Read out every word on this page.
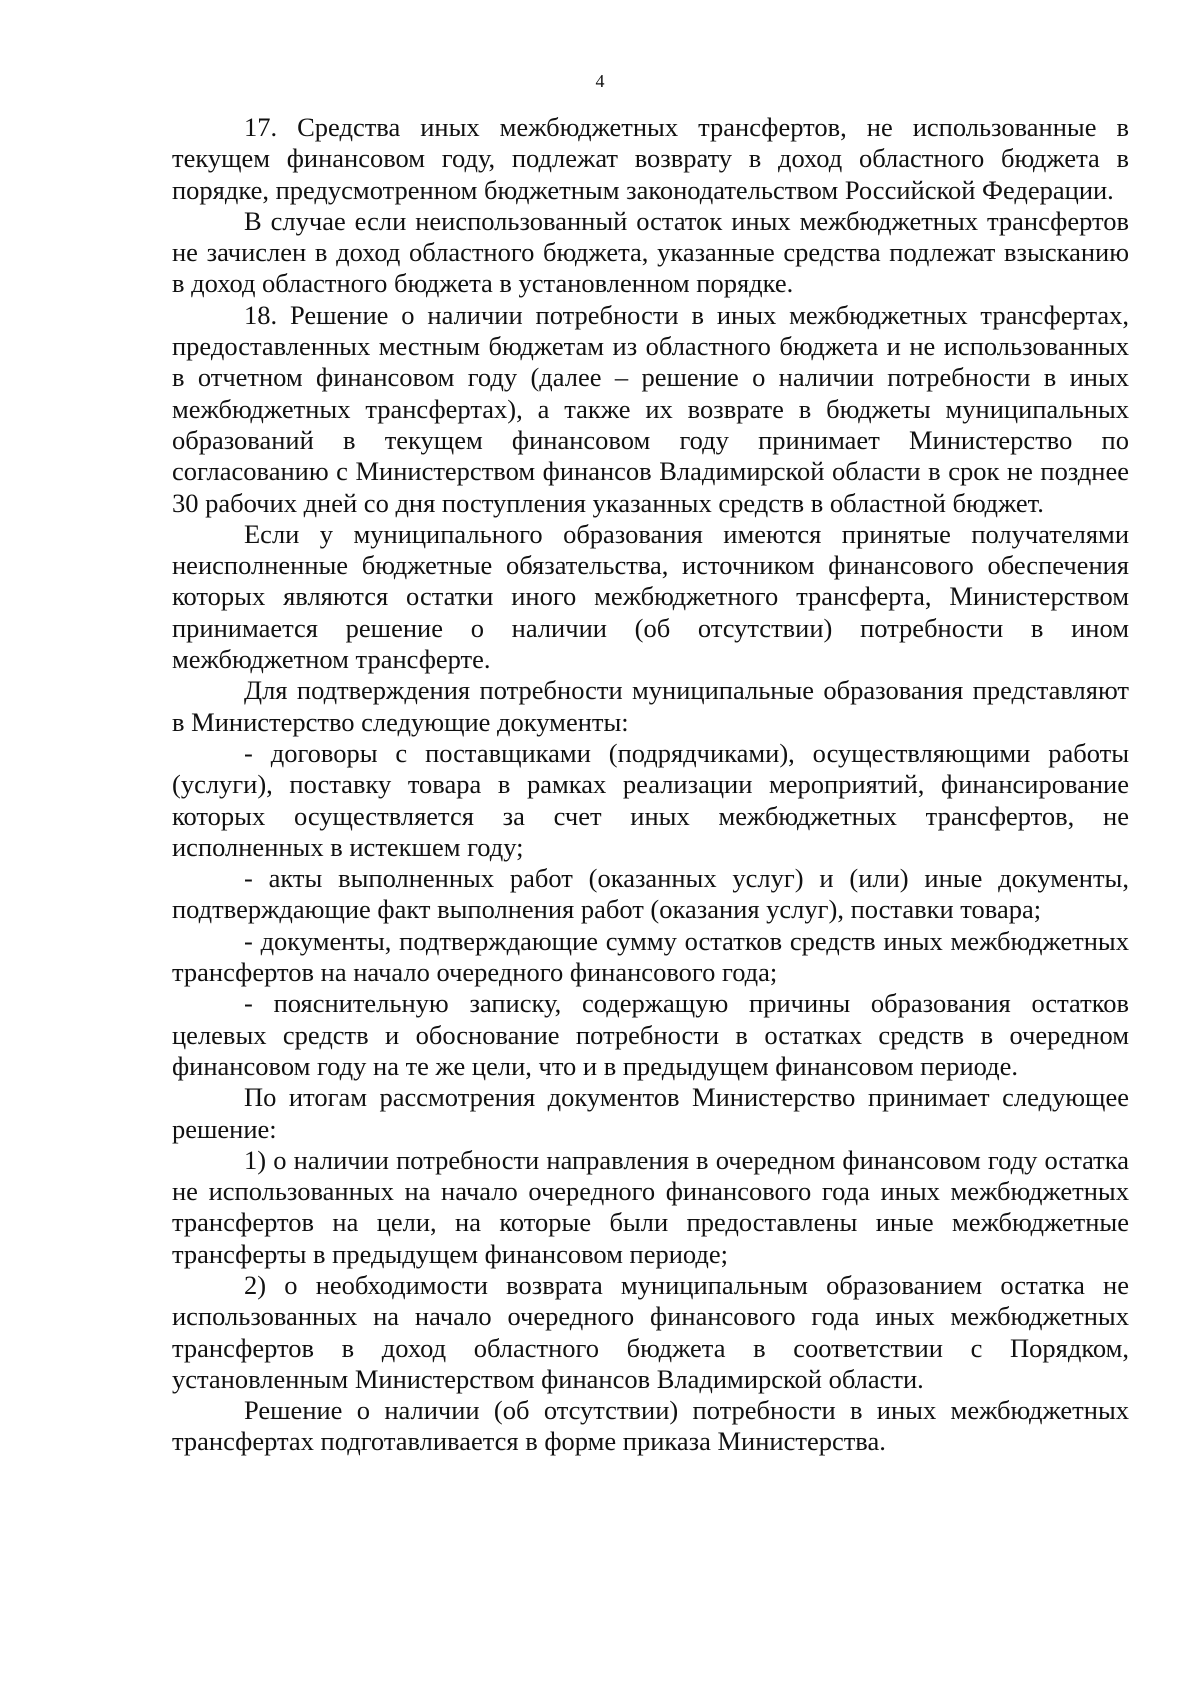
4

17. Средства иных межбюджетных трансфертов, не использованные в текущем финансовом году, подлежат возврату в доход областного бюджета в порядке, предусмотренном бюджетным законодательством Российской Федерации.

В случае если неиспользованный остаток иных межбюджетных трансфертов не зачислен в доход областного бюджета, указанные средства подлежат взысканию в доход областного бюджета в установленном порядке.

18. Решение о наличии потребности в иных межбюджетных трансфертах, предоставленных местным бюджетам из областного бюджета и не использованных в отчетном финансовом году (далее – решение о наличии потребности в иных межбюджетных трансфертах), а также их возврате в бюджеты муниципальных образований в текущем финансовом году принимает Министерство по согласованию с Министерством финансов Владимирской области в срок не позднее 30 рабочих дней со дня поступления указанных средств в областной бюджет.

Если у муниципального образования имеются принятые получателями неисполненные бюджетные обязательства, источником финансового обеспечения которых являются остатки иного межбюджетного трансферта, Министерством принимается решение о наличии (об отсутствии) потребности в ином межбюджетном трансферте.

Для подтверждения потребности муниципальные образования представляют в Министерство следующие документы:

- договоры с поставщиками (подрядчиками), осуществляющими работы (услуги), поставку товара в рамках реализации мероприятий, финансирование которых осуществляется за счет иных межбюджетных трансфертов, не исполненных в истекшем году;

- акты выполненных работ (оказанных услуг) и (или) иные документы, подтверждающие факт выполнения работ (оказания услуг), поставки товара;

- документы, подтверждающие сумму остатков средств иных межбюджетных трансфертов на начало очередного финансового года;

- пояснительную записку, содержащую причины образования остатков целевых средств и обоснование потребности в остатках средств в очередном финансовом году на те же цели, что и в предыдущем финансовом периоде.

По итогам рассмотрения документов Министерство принимает следующее решение:

1) о наличии потребности направления в очередном финансовом году остатка не использованных на начало очередного финансового года иных межбюджетных трансфертов на цели, на которые были предоставлены иные межбюджетные трансферты в предыдущем финансовом периоде;

2) о необходимости возврата муниципальным образованием остатка не использованных на начало очередного финансового года иных межбюджетных трансфертов в доход областного бюджета в соответствии с Порядком, установленным Министерством финансов Владимирской области.

Решение о наличии (об отсутствии) потребности в иных межбюджетных трансфертах подготавливается в форме приказа Министерства.
